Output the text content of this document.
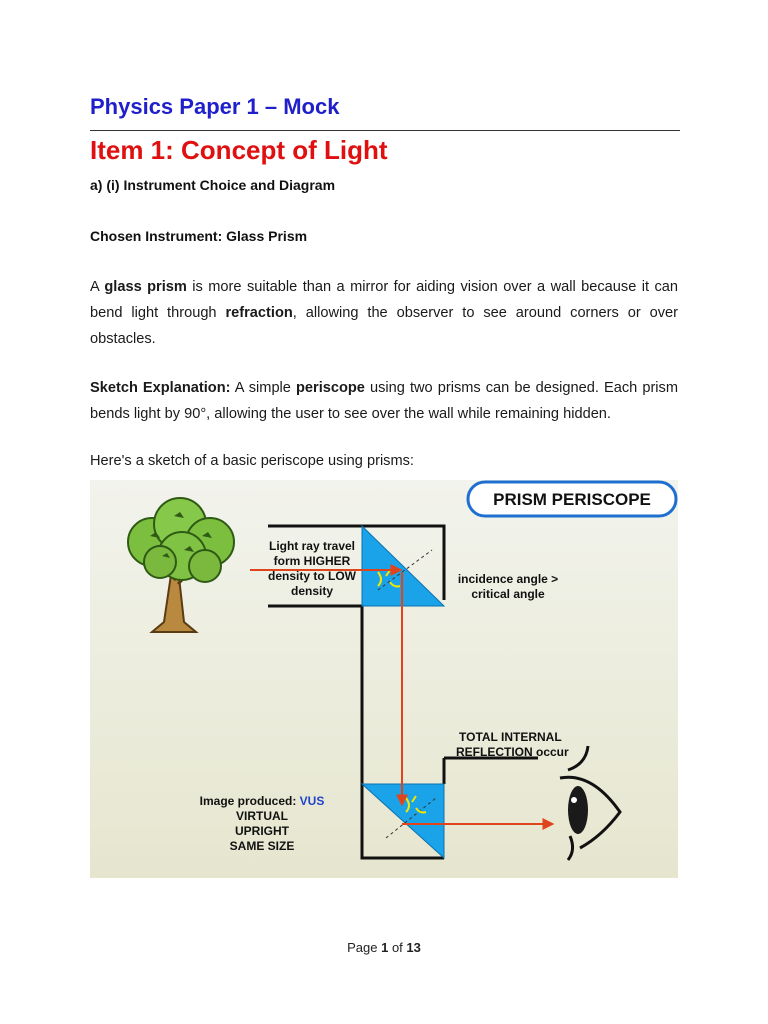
Physics Paper 1 – Mock
Item 1: Concept of Light
a) (i) Instrument Choice and Diagram
Chosen Instrument: Glass Prism
A glass prism is more suitable than a mirror for aiding vision over a wall because it can bend light through refraction, allowing the observer to see around corners or over obstacles.
Sketch Explanation: A simple periscope using two prisms can be designed. Each prism bends light by 90°, allowing the user to see over the wall while remaining hidden.
Here's a sketch of a basic periscope using prisms:
PRISM PERISCOPE
Light ray travel
form HIGHER
density to LOW
density
incidence angle >
critical angle
TOTAL INTERNAL
REFLECTION occur
Image produced: VUS
VIRTUAL
UPRIGHT
SAME SIZE
Page 1 of 13
